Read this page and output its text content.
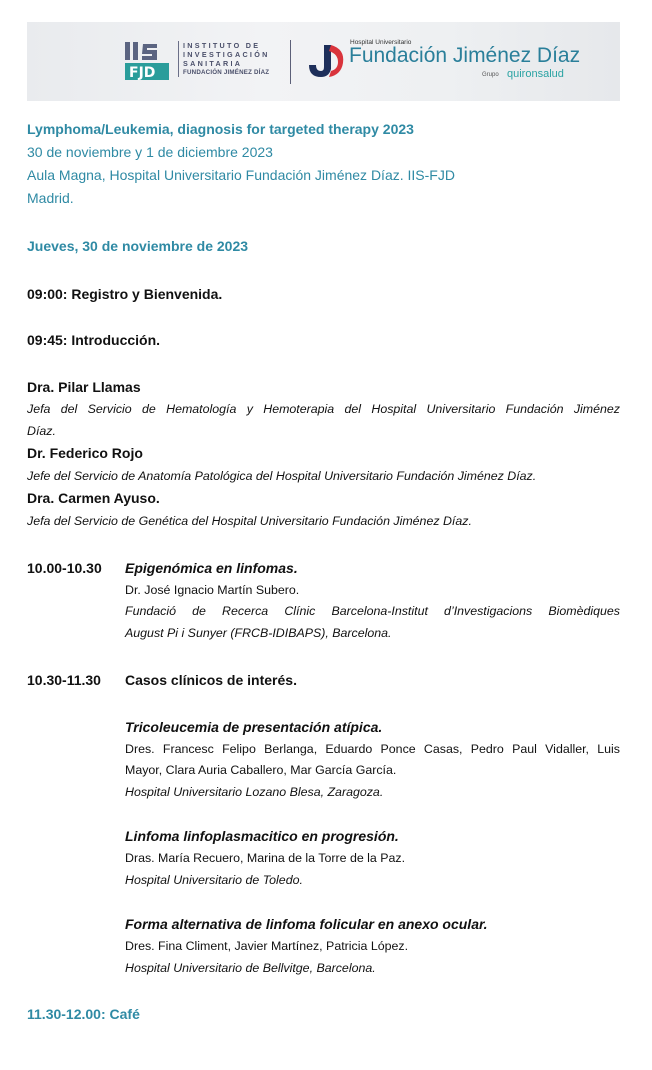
FJD
INSTITUTO DE
INVESTIGACIÓN
SANITARIA
FUNDACIÓN JIMÉNEZ DÍAZ
Hospital Universitario
Fundación Jiménez Díaz
Grupo quironsalud
Lymphoma/Leukemia, diagnosis for targeted therapy 2023
30 de noviembre y 1 de diciembre 2023
Aula Magna, Hospital Universitario Fundación Jiménez Díaz. IIS-FJD
Madrid.
Jueves, 30 de noviembre de 2023
09:00: Registro y Bienvenida.
09:45: Introducción.
Dra. Pilar Llamas
Jefa del Servicio de Hematología y Hemoterapia del Hospital Universitario Fundación Jiménez
Díaz.
Dr. Federico Rojo
Jefe del Servicio de Anatomía Patológica del Hospital Universitario Fundación Jiménez Díaz.
Dra. Carmen Ayuso.
Jefa del Servicio de Genética del Hospital Universitario Fundación Jiménez Díaz.
10.00-10.30 Epigenómica en linfomas.
Dr. José Ignacio Martín Subero.
Fundació de Recerca Clínic Barcelona-Institut d’Investigacions Biomèdiques
August Pi i Sunyer (FRCB-IDIBAPS), Barcelona.
10.30-11.30 Casos clínicos de interés.
Tricoleucemia de presentación atípica.
Dres. Francesc Felipo Berlanga, Eduardo Ponce Casas, Pedro Paul Vidaller, Luis
Mayor, Clara Auria Caballero, Mar García García.
Hospital Universitario Lozano Blesa, Zaragoza.
Linfoma linfoplasmacitico en progresión.
Dras. María Recuero, Marina de la Torre de la Paz.
Hospital Universitario de Toledo.
Forma alternativa de linfoma folicular en anexo ocular.
Dres. Fina Climent, Javier Martínez, Patricia López.
Hospital Universitario de Bellvitge, Barcelona.
11.30-12.00: Café
